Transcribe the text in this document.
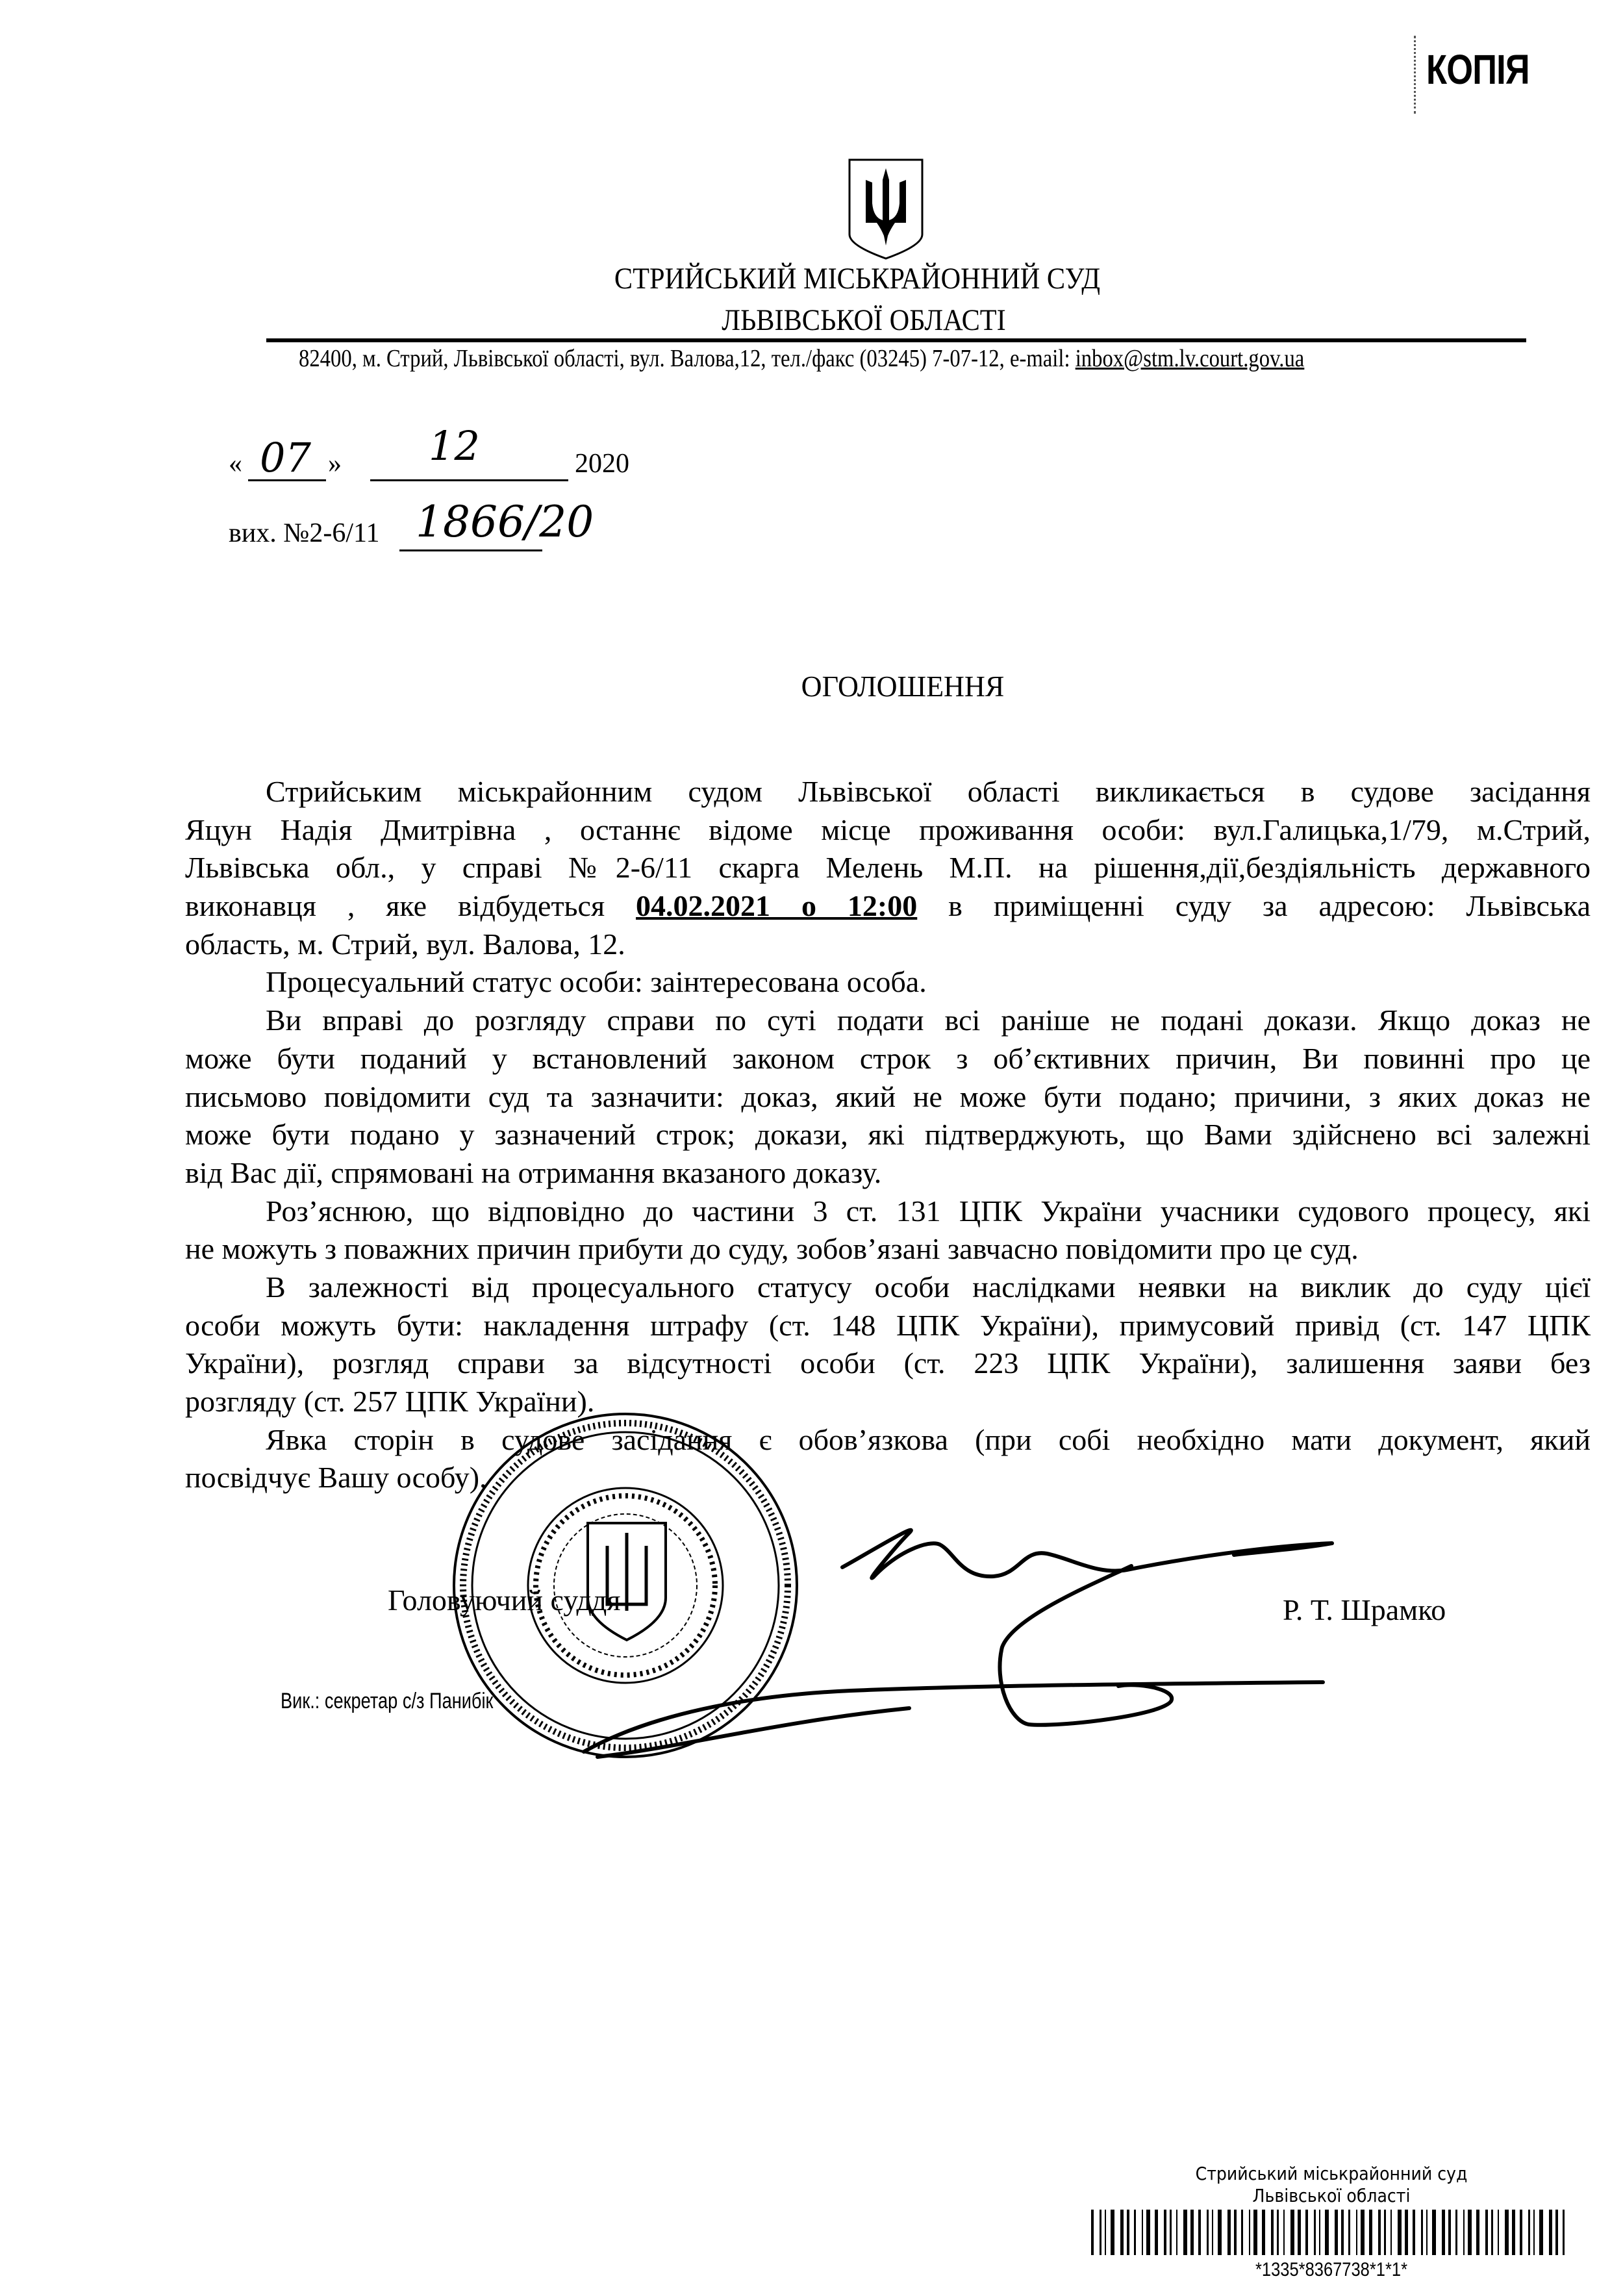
КОПІЯ
СТРИЙСЬКИЙ МІСЬКРАЙОННИЙ СУД
ЛЬВІВСЬКОЇ ОБЛАСТІ
82400, м. Стрий, Львівської області, вул. Валова,12, тел./факс (03245) 7-07-12, e-mail: inbox@stm.lv.court.gov.ua
« 07 » 12	2020
вих. №2-6/11 1866/20
ОГОЛОШЕННЯ
Стрийським міськрайонним судом Львівської області викликається в судове засідання
Яцун Надія Дмитрівна , останнє відоме місце проживання особи: вул.Галицька,1/79, м.Стрий,
Львівська обл., у справі №2-6/11 скарга Мелень М.П. на рішення,дії,бездіяльність державного
виконавця , яке відбудеться 04.02.2021 о 12:00 в приміщенні суду за адресою: Львівська
область, м. Стрий, вул. Валова, 12.
Процесуальний статус особи: заінтересована особа.
Ви вправі до розгляду справи по суті подати всі раніше не подані докази. Якщо доказ не
може бути поданий у встановлений законом строк з об’єктивних причин, Ви повинні про це
письмово повідомити суд та зазначити: доказ, який не може бути подано; причини, з яких доказ не
може бути подано у зазначений строк; докази, які підтверджують, що Вами здійснено всі залежні
від Вас дії, спрямовані на отримання вказаного доказу.
Роз’яснюю, що відповідно до частини 3 ст. 131 ЦПК України учасники судового процесу, які
не можуть з поважних причин прибути до суду, зобов’язані завчасно повідомити про це суд.
В залежності від процесуального статусу особи наслідками неявки на виклик до суду цієї
особи можуть бути: накладення штрафу (ст. 148 ЦПК України), примусовий привід (ст. 147 ЦПК
України), розгляд справи за відсутності особи (ст. 223 ЦПК України), залишення заяви без
розгляду (ст. 257 ЦПК України).
Явка сторін в судове засідання є обов’язкова (при собі необхідно мати документ, який
посвідчує Вашу особу).
Головуючий суддя	Р. Т. Шрамко
Вик.: секретар с/з Панибік
Стрийський міськрайонний суд
Львівської області
*1335*8367738*1*1*
